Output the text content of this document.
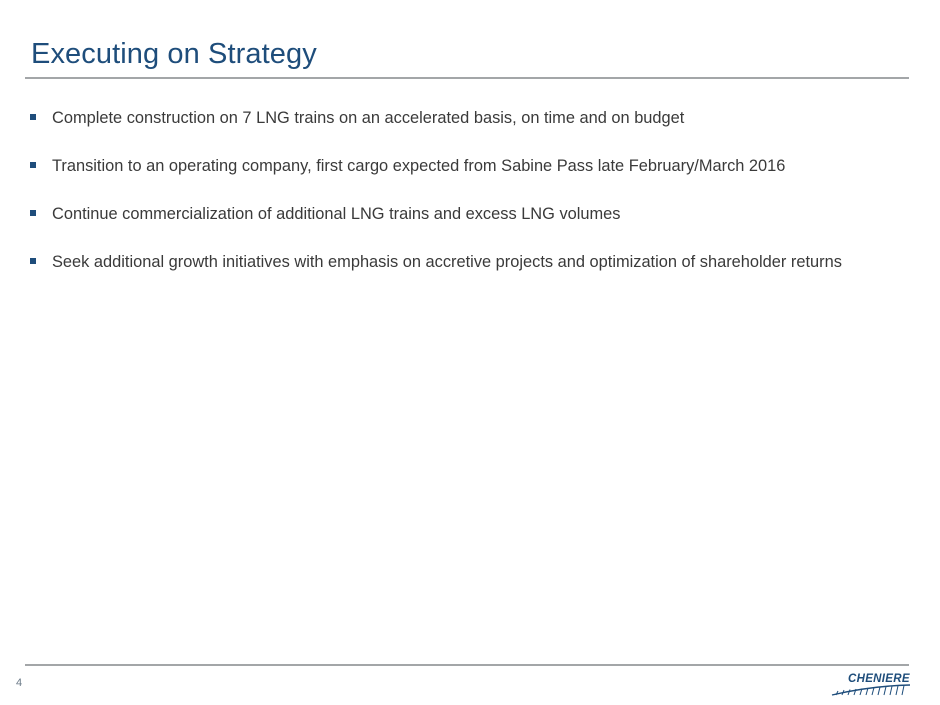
Executing on Strategy
Complete construction on 7 LNG trains on an accelerated basis, on time and on budget
Transition to an operating company, first cargo expected from Sabine Pass late February/March 2016
Continue commercialization of additional LNG trains and excess LNG volumes
Seek additional growth initiatives with emphasis on accretive projects and optimization of shareholder returns
4	CHENIERE
